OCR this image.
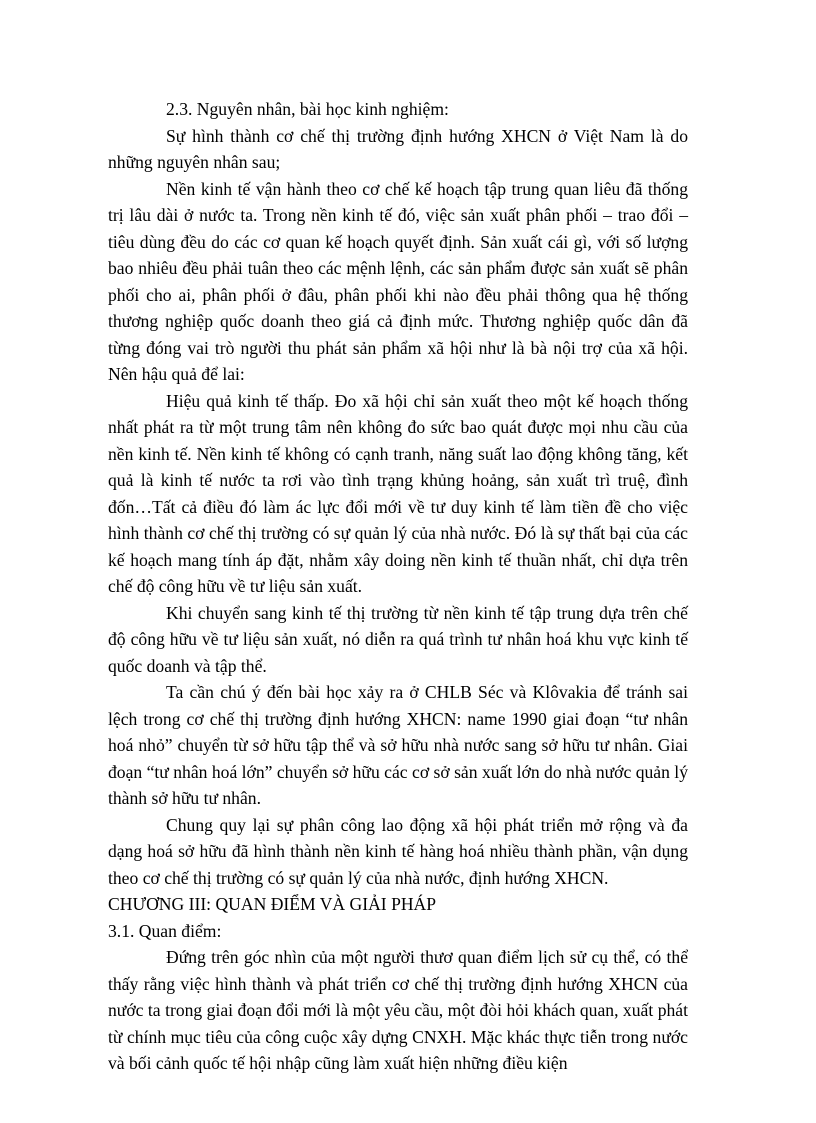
2.3. Nguyên nhân, bài học kinh nghiệm:

Sự hình thành cơ chế thị trường định hướng XHCN ở Việt Nam là do những nguyên nhân sau;

Nền kinh tế vận hành theo cơ chế kế hoạch tập trung quan liêu đã thống trị lâu dài ở nước ta. Trong nền kinh tế đó, việc sản xuất phân phối – trao đổi – tiêu dùng đều do các cơ quan kế hoạch quyết định. Sản xuất cái gì, với số lượng bao nhiêu đều phải tuân theo các mệnh lệnh, các sản phẩm được sản xuất sẽ phân phối cho ai, phân phối ở đâu, phân phối khi nào đều phải thông qua hệ thống thương nghiệp quốc doanh theo giá cả định mức. Thương nghiệp quốc dân đã từng đóng vai trò người thu phát sản phẩm xã hội như là bà nội trợ của xã hội. Nên hậu quả để lai:

Hiệu quả kinh tế thấp. Đo xã hội chỉ sản xuất theo một kế hoạch thống nhất phát ra từ một trung tâm nên không đo sức bao quát được mọi nhu cầu của nền kinh tế. Nền kinh tế không có cạnh tranh, năng suất lao động không tăng, kết quả là kinh tế nước ta rơi vào tình trạng khủng hoảng, sản xuất trì truệ, đình đốn…Tất cả điều đó làm ác lực đổi mới về tư duy kinh tế làm tiền đề cho việc hình thành cơ chế thị trường có sự quản lý của nhà nước. Đó là sự thất bại của các kế hoạch mang tính áp đặt, nhằm xây doing nền kinh tế thuần nhất, chỉ dựa trên chế độ công hữu về tư liệu sản xuất.

Khi chuyển sang kinh tế thị trường từ nền kinh tế tập trung dựa trên chế độ công hữu về tư liệu sản xuất, nó diễn ra quá trình tư nhân hoá khu vực kinh tế quốc doanh và tập thể.

Ta cần chú ý đến bài học xảy ra ở CHLB Séc và Klôvakia để tránh sai lệch trong cơ chế thị trường định hướng XHCN: name 1990 giai đoạn “tư nhân hoá nhỏ” chuyển từ sở hữu tập thể và sở hữu nhà nước sang sở hữu tư nhân. Giai đoạn “tư nhân hoá lớn” chuyển sở hữu các cơ sở sản xuất lớn do nhà nước quản lý thành sở hữu tư nhân.

Chung quy lại sự phân công lao động xã hội phát triển mở rộng và đa dạng hoá sở hữu đã hình thành nền kinh tế hàng hoá nhiều thành phần, vận dụng theo cơ chế thị trường có sự quản lý của nhà nước, định hướng XHCN.

CHƯƠNG III: QUAN ĐIỂM VÀ GIẢI PHÁP

3.1. Quan điểm:

Đứng trên góc nhìn của một người thươ quan điểm lịch sử cụ thể, có thể thấy rằng việc hình thành và phát triển cơ chế thị trường định hướng XHCN của nước ta trong giai đoạn đổi mới là một yêu cầu, một đòi hỏi khách quan, xuất phát từ chính mục tiêu của công cuộc xây dựng CNXH. Mặc khác thực tiễn trong nước và bối cảnh quốc tế hội nhập cũng làm xuất hiện những điều kiện
